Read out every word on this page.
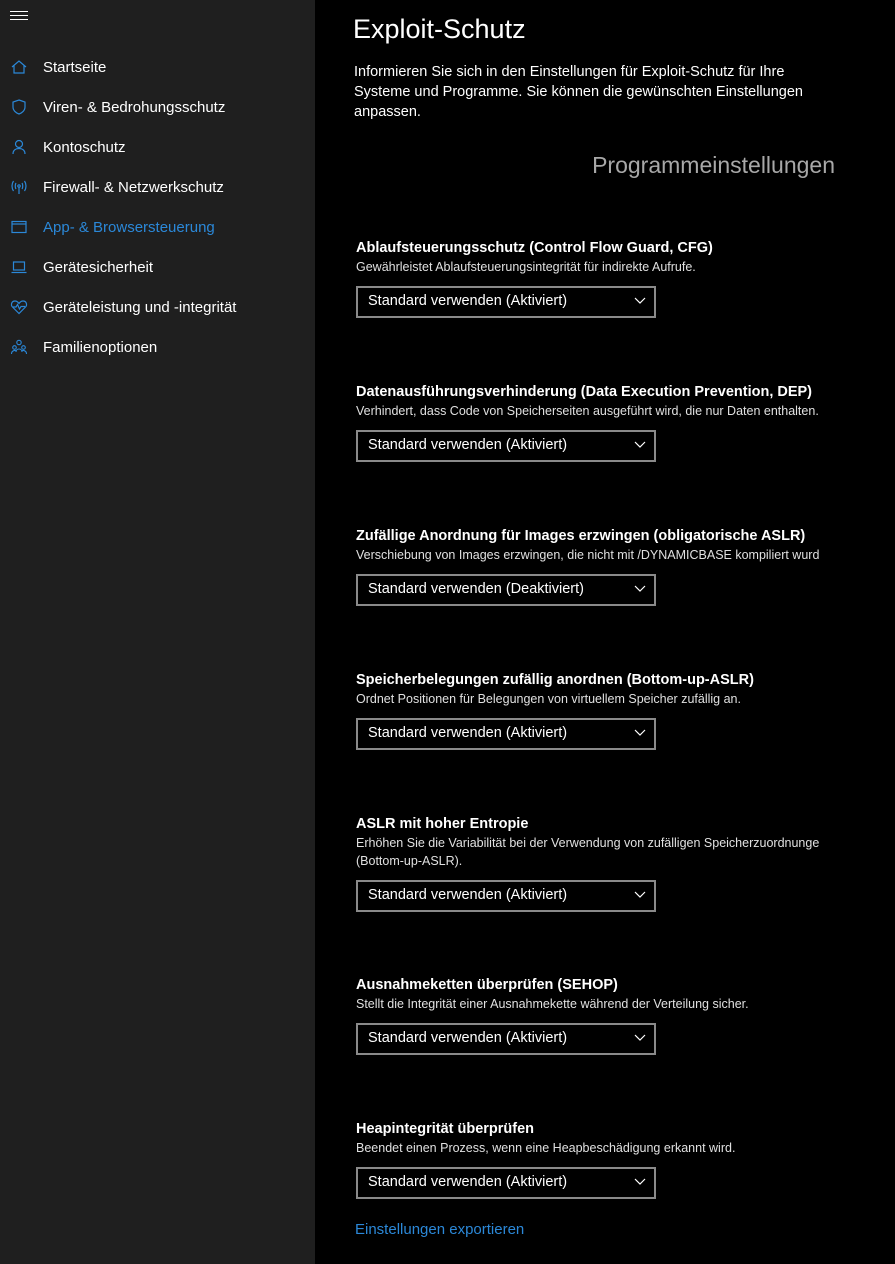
Startseite
Viren- & Bedrohungsschutz
Kontoschutz
Firewall- & Netzwerkschutz
App- & Browsersteuerung
Gerätesicherheit
Geräteleistung und -integrität
Familienoptionen
Exploit-Schutz
Informieren Sie sich in den Einstellungen für Exploit-Schutz für Ihre Systeme und Programme. Sie können die gewünschten Einstellungen anpassen.
Programmeinstellungen
Ablaufsteuerungsschutz (Control Flow Guard, CFG)
Gewährleistet Ablaufsteuerungsintegrität für indirekte Aufrufe.
Standard verwenden (Aktiviert)
Datenausführungsverhinderung (Data Execution Prevention, DEP)
Verhindert, dass Code von Speicherseiten ausgeführt wird, die nur Daten enthalten.
Standard verwenden (Aktiviert)
Zufällige Anordnung für Images erzwingen (obligatorische ASLR)
Verschiebung von Images erzwingen, die nicht mit /DYNAMICBASE kompiliert wurd
Standard verwenden (Deaktiviert)
Speicherbelegungen zufällig anordnen (Bottom-up-ASLR)
Ordnet Positionen für Belegungen von virtuellem Speicher zufällig an.
Standard verwenden (Aktiviert)
ASLR mit hoher Entropie
Erhöhen Sie die Variabilität bei der Verwendung von zufälligen Speicherzuordnunge (Bottom-up-ASLR).
Standard verwenden (Aktiviert)
Ausnahmeketten überprüfen (SEHOP)
Stellt die Integrität einer Ausnahmekette während der Verteilung sicher.
Standard verwenden (Aktiviert)
Heapintegrität überprüfen
Beendet einen Prozess, wenn eine Heapbeschädigung erkannt wird.
Standard verwenden (Aktiviert)
Einstellungen exportieren
